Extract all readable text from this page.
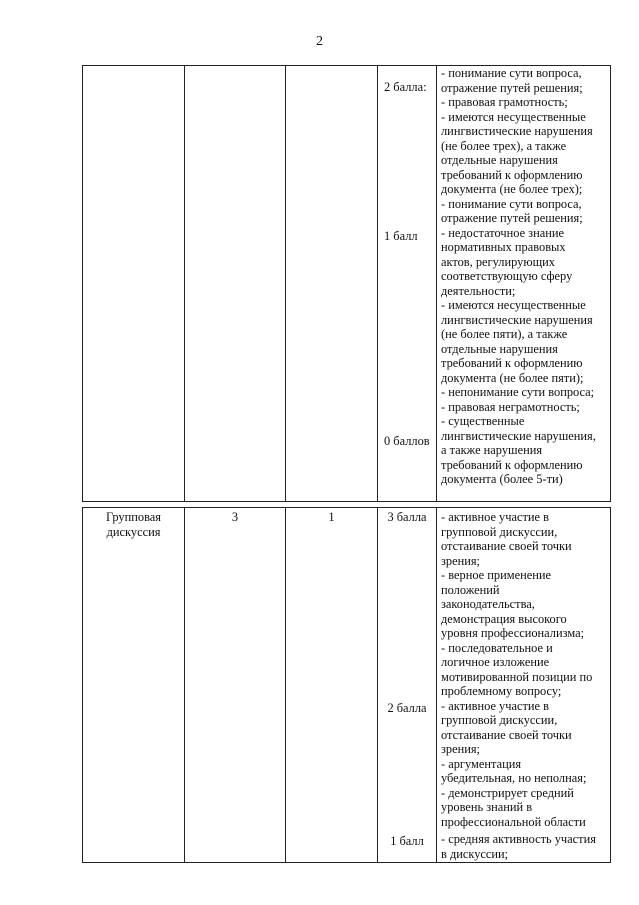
2
2 балла:
1 балл
0 баллов
- понимание сути вопроса,
отражение путей решения;
- правовая грамотность;
- имеются несущественные
лингвистические нарушения
(не более трех), а также
отдельные нарушения
требований к оформлению
документа (не более трех);
- понимание сути вопроса,
отражение путей решения;
- недостаточное знание
нормативных правовых
актов, регулирующих
соответствующую сферу
деятельности;
- имеются несущественные
лингвистические нарушения
(не более пяти), а также
отдельные нарушения
требований к оформлению
документа (не более пяти);
- непонимание сути вопроса;
- правовая неграмотность;
- существенные
лингвистические нарушения,
а также нарушения
требований к оформлению
документа (более 5-ти)
Групповая
дискуссия
3	1	3 балла
2 балла
1 балл
- активное участие в
групповой дискуссии,
отстаивание своей точки
зрения;
- верное применение
положений
законодательства,
демонстрация высокого
уровня профессионализма;
- последовательное и
логичное изложение
мотивированной позиции по
проблемному вопросу;
- активное участие в
групповой дискуссии,
отстаивание своей точки
зрения;
- аргументация
убедительная, но неполная;
- демонстрирует средний
уровень знаний в
профессиональной области
- средняя активность участия
в дискуссии;
